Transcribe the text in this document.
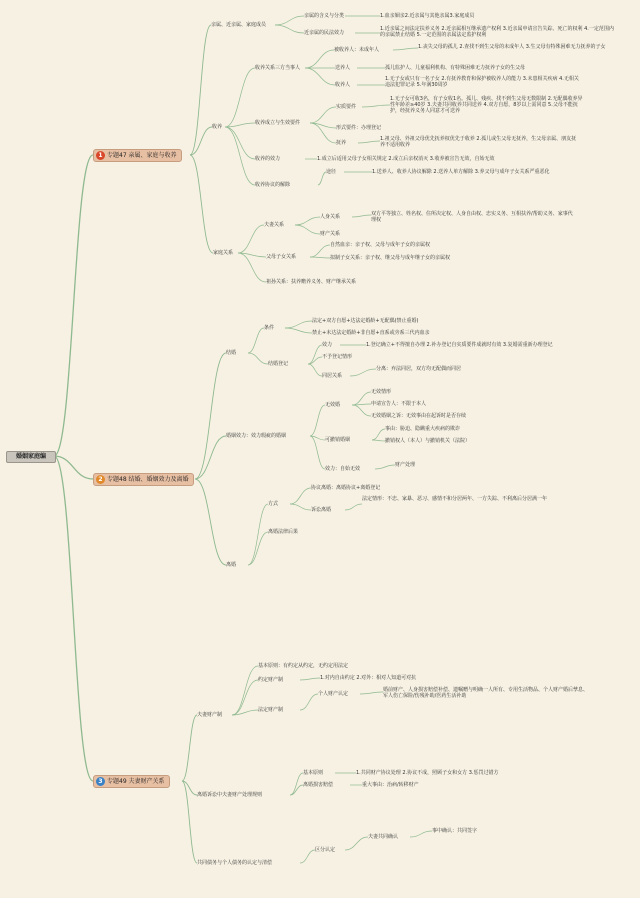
婚姻家庭编
1 专题47 亲属、家庭与收养
2 专题48 结婚、婚姻效力及离婚
3 专题49 夫妻财产关系
亲属、近亲属、家庭成员
亲属的含义与分类	1.血亲姻亲2.近亲属与其他亲属3.家庭成员
近亲属的民法效力
1.近亲属之间法定扶养义务 2.近亲属相互继承遗产权利 3.近亲属申请宣告失踪、死亡的权利 4.一定范围内的亲属禁止结婚 5.一定范围的亲属法定监护权利
收养
收养关系三方当事人
被收养人：未成年人	1.丧失父母的孤儿 2.查找不到生父母的未成年人 3.生父母有特殊困难无力抚养的子女
送养人	孤儿监护人、儿童福利机构、有特殊困难无力抚养子女的生父母
收养人
1.无子女或只有一名子女 2.有抚养教育和保护被收养人的能力 3.未患相关疾病 4.无相关违法犯罪记录 5.年满30周岁
收养成立与生效要件
实质要件
1.无子女可收3名，有子女收1名。孤儿、残疾、找不到生父母无数限制 2.无配偶收养异性年龄差≥40岁 3.夫妻共同收养共同送养 4.双方自愿，8岁以上需同意 5.父母不能抚护，经抚养义务人同意才可送养
形式要件：办理登记
抚养
1.祖父母、外祖父母优先抚养权优先于收养 2.孤儿或生父母无抚养，生父母亲属、朋友抚养不适用收养
收养的效力	1.成立后适用父母子女相关规定 2.成立后亲权消灭 3.收养被宣告无效，自始无效
收养协议的解除
途径	1.送养人、收养人协议解除 2.送养人单方解除 3.养父母与成年子女关系严重恶化
家庭关系
夫妻关系
人身关系	双方平等独立、姓名权、住所决定权、人身自由权、忠实义务、互相扶养/帮助义务、家事代理权
财产关系
父母子女关系
自然血亲：亲子权、父母与成年子女的亲属权
拟制子女关系：亲子权、继父母与成年继子女的亲属权
祖孙关系：扶养赡养义务、财产继承关系
结婚
条件
法定+双方自愿+达法定婚龄+无配偶(禁止重婚)
禁止+未达法定婚龄+非自愿+直系或旁系三代内血亲
结婚登记
效力	1.登记确立+不得擅自办理 2.补办登记自实质要件成就时有效 3.复婚需重新办理登记
不予登记情形
同居关系
分离：弃法同居，双方均无配偶而同居
婚姻效力：效力瑕疵的婚姻
无效婚
无效情形
申请宣告人：不限于本人
无效婚姻之诉：无效事由在起诉时是否存续
可撤销婚姻
事由：胁迫、隐瞒重大疾病的欺诈
撤销权人（本人）与撤销机关（法院）
效力：自始无效
财产处理
离婚
方式
协议离婚：离婚协议+离婚登记
诉讼离婚
法定情形：不忠、家暴、恶习、感情不和分居两年、一方失踪、不利离后分居满一年
离婚法律后果
夫妻财产制
基本原则：有约定从约定，无约定用法定
约定财产制	1.对内自由约定 2.对外：相对人知道可对抗
法定财产制
个人财产认定
婚前财产、人身损害赔偿补偿、遗嘱赠与明确一人所有、专用生活物品、个人财产婚后孳息、军人伤亡保险/伤残补助/医药生活补助
离婚诉讼中夫妻财产处理规则
基本原则	1.共同财产协议处理 2.协议不成，照顾子女和女方 3.惩罚过错方
离婚损害赔偿	重大事由：治病/转移财产
共同债务与个人债务的认定与清偿
区分认定
夫妻共同确认
事中确认：共同签字
